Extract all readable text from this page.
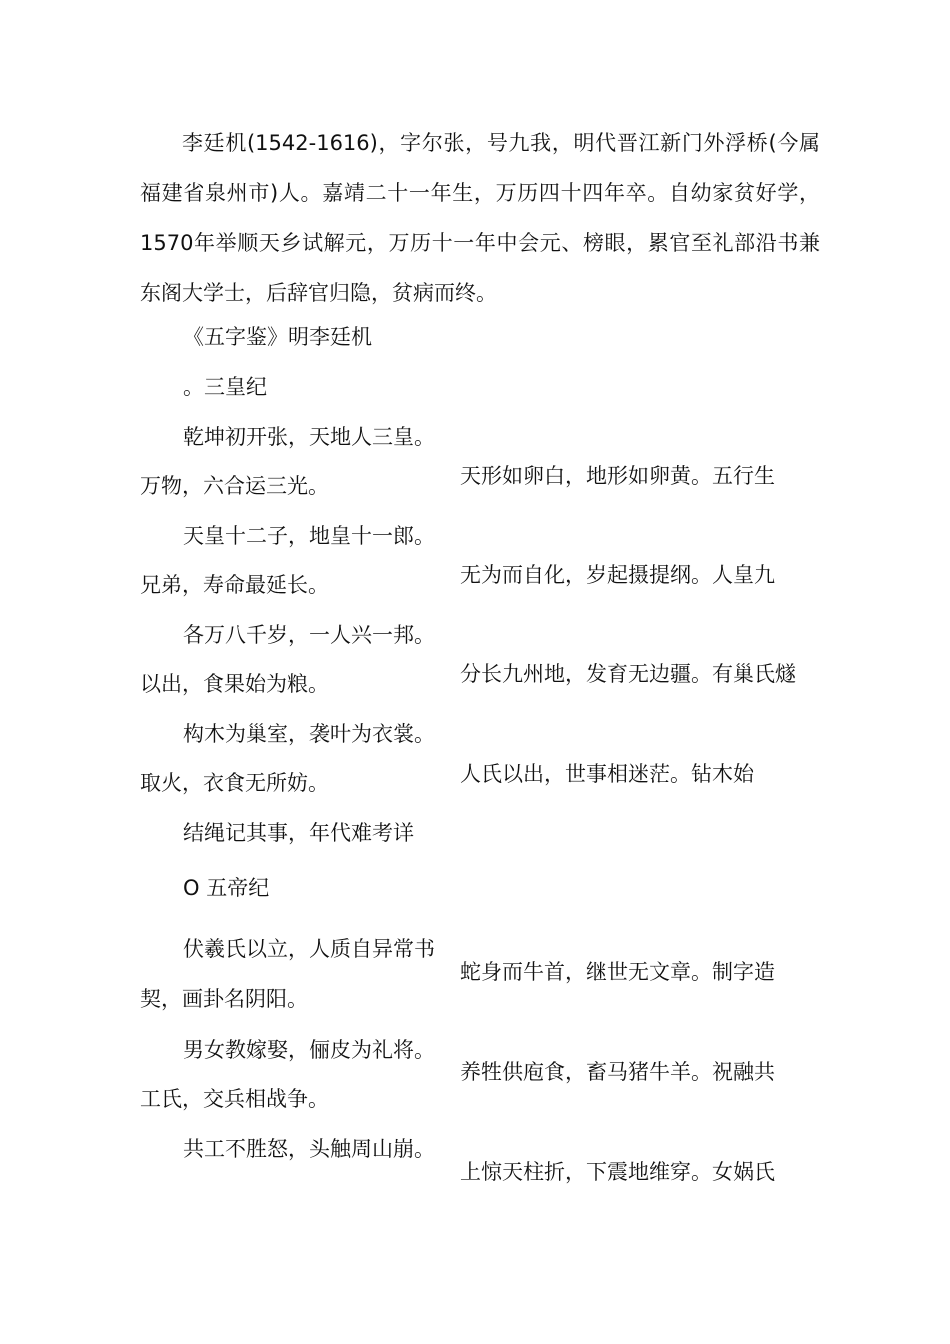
李廷机(1542-1616)，字尔张，号九我，明代晋江新门外浮桥(今属福建省泉州市)人。嘉靖二十一年生，万历四十四年卒。自幼家贫好学，1570年举顺天乡试解元，万历十一年中会元、榜眼，累官至礼部沿书兼东阁大学士，后辞官归隐，贫病而终。

《五字鉴》明李廷机
。三皇纪
乾坤初开张，天地人三皇。
万物，六合运三光。	天形如卵白，地形如卵黄。五行生
天皇十二子，地皇十一郎。
兄弟，寿命最延长。	无为而自化，岁起摄提纲。人皇九
各万八千岁，一人兴一邦。
以出，食果始为粮。	分长九州地，发育无边疆。有巢氏燧
构木为巢室，袭叶为衣裳。
取火，衣食无所妨。	人氏以出，世事相迷茫。钻木始
结绳记其事，年代难考详
O 五帝纪
伏羲氏以立，人质自异常书
契，画卦名阴阳。
蛇身而牛首，继世无文章。制字造
男女教嫁娶，俪皮为礼将。
工氏，交兵相战争。
养牲供庖食，畜马猪牛羊。祝融共
共工不胜怒，头触周山崩。
上惊天柱折，下震地维穿。女娲氏
